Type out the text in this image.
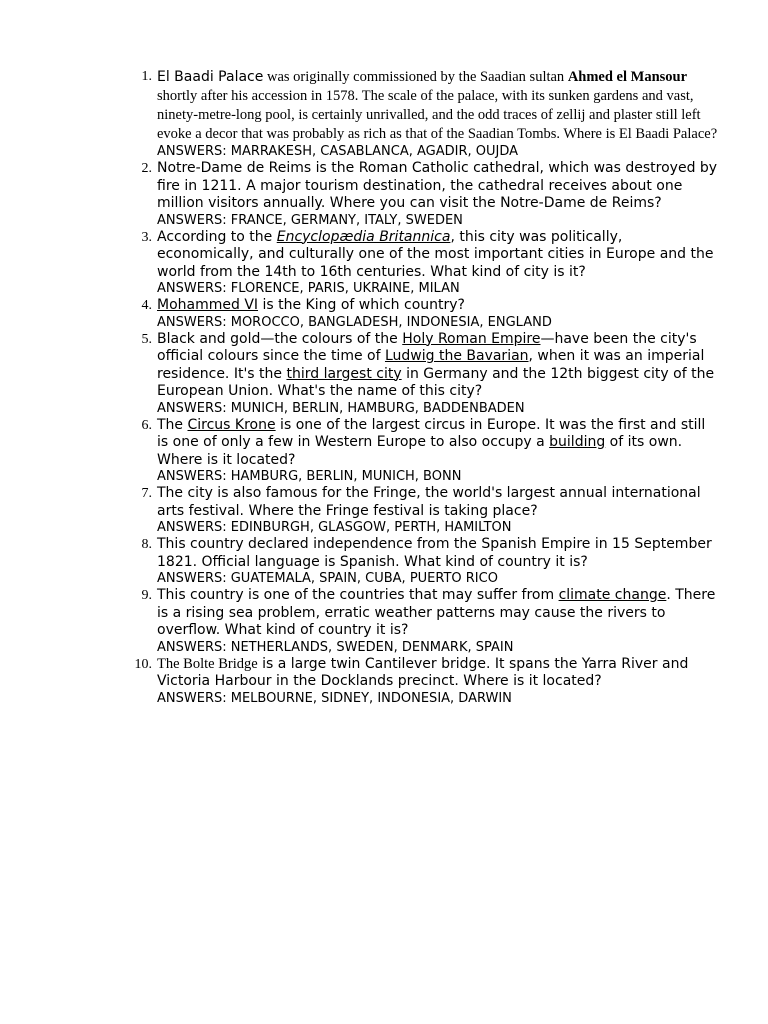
1. El Baadi Palace was originally commissioned by the Saadian sultan Ahmed el Mansour shortly after his accession in 1578. The scale of the palace, with its sunken gardens and vast, ninety-metre-long pool, is certainly unrivalled, and the odd traces of zellij and plaster still left evoke a decor that was probably as rich as that of the Saadian Tombs. Where is El Baadi Palace?
ANSWERS: MARRAKESH, CASABLANCA, AGADIR, OUJDA
2. Notre-Dame de Reims is the Roman Catholic cathedral, which was destroyed by fire in 1211. A major tourism destination, the cathedral receives about one million visitors annually. Where you can visit the Notre-Dame de Reims?
ANSWERS: FRANCE, GERMANY, ITALY, SWEDEN
3. According to the Encyclopædia Britannica, this city was politically, economically, and culturally one of the most important cities in Europe and the world from the 14th to 16th centuries. What kind of city is it?
ANSWERS: FLORENCE, PARIS, UKRAINE, MILAN
4. Mohammed VI is the King of which country?
ANSWERS: MOROCCO, BANGLADESH, INDONESIA, ENGLAND
5. Black and gold—the colours of the Holy Roman Empire—have been the city's official colours since the time of Ludwig the Bavarian, when it was an imperial residence. It's the third largest city in Germany and the 12th biggest city of the European Union. What's the name of this city?
ANSWERS: MUNICH, BERLIN, HAMBURG, BADDENBADEN
6. The Circus Krone is one of the largest circus in Europe. It was the first and still is one of only a few in Western Europe to also occupy a building of its own. Where is it located?
ANSWERS: HAMBURG, BERLIN, MUNICH, BONN
7. The city is also famous for the Fringe, the world's largest annual international arts festival. Where the Fringe festival is taking place?
ANSWERS: EDINBURGH, GLASGOW, PERTH, HAMILTON
8. This country declared independence from the Spanish Empire in 15 September 1821. Official language is Spanish. What kind of country it is?
ANSWERS: GUATEMALA, SPAIN, CUBA, PUERTO RICO
9. This country is one of the countries that may suffer from climate change. There is a rising sea problem, erratic weather patterns may cause the rivers to overflow. What kind of country it is?
ANSWERS: NETHERLANDS, SWEDEN, DENMARK, SPAIN
10. The Bolte Bridge is a large twin Cantilever bridge. It spans the Yarra River and Victoria Harbour in the Docklands precinct. Where is it located?
ANSWERS: MELBOURNE, SIDNEY, INDONESIA, DARWIN
